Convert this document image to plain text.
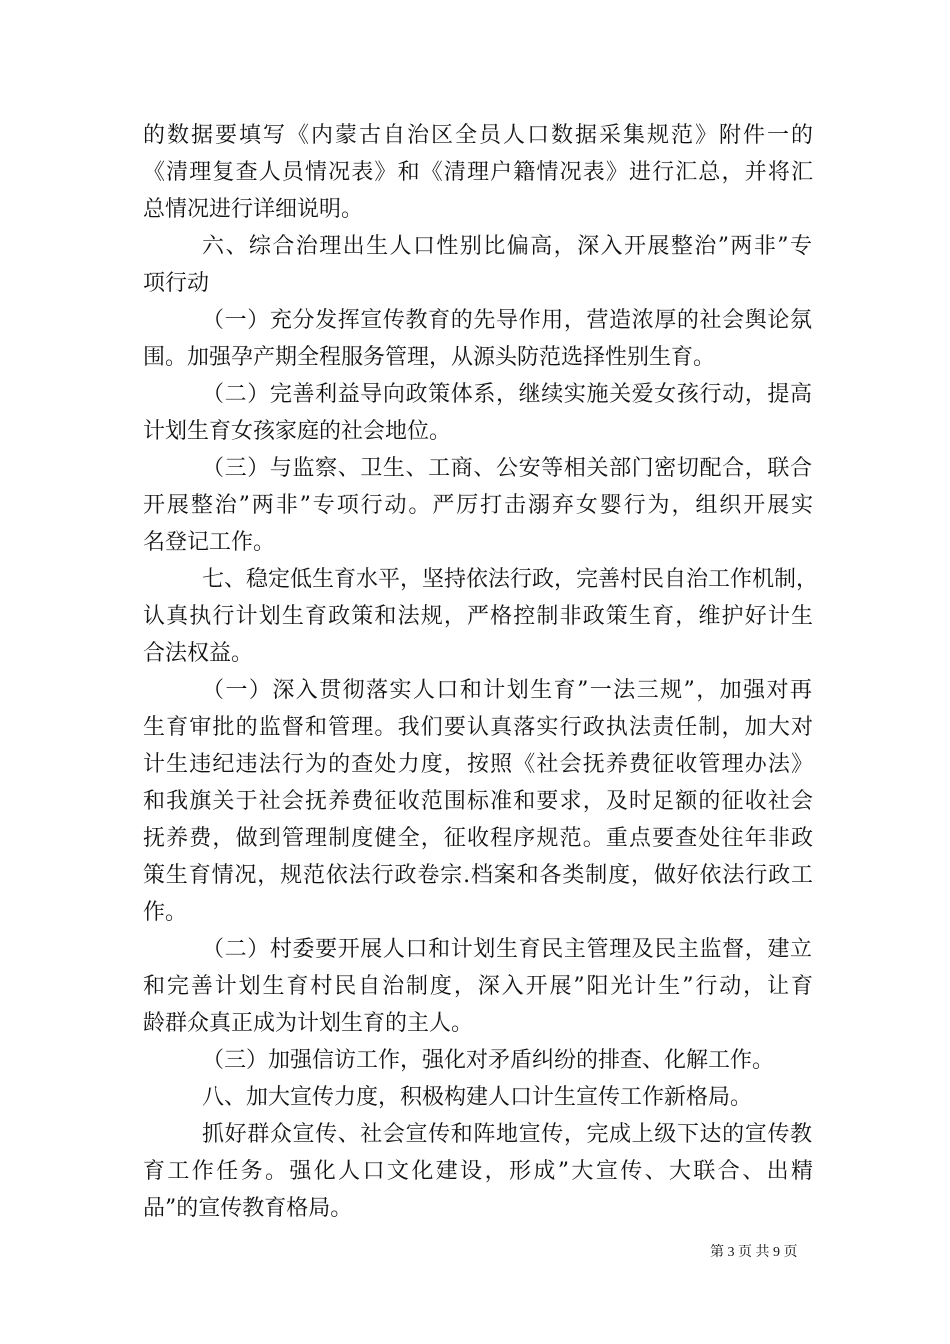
的数据要填写《内蒙古自治区全员人口数据采集规范》附件一的
《清理复查人员情况表》和《清理户籍情况表》进行汇总，并将汇
总情况进行详细说明。
六、综合治理出生人口性别比偏高，深入开展整治”两非”专
项行动
（一）充分发挥宣传教育的先导作用，营造浓厚的社会舆论氛
围。加强孕产期全程服务管理，从源头防范选择性别生育。
（二）完善利益导向政策体系，继续实施关爱女孩行动，提高
计划生育女孩家庭的社会地位。
（三）与监察、卫生、工商、公安等相关部门密切配合，联合
开展整治”两非”专项行动。严厉打击溺弃女婴行为，组织开展实
名登记工作。
七、稳定低生育水平，坚持依法行政，完善村民自治工作机制，
认真执行计划生育政策和法规，严格控制非政策生育，维护好计生
合法权益。
（一）深入贯彻落实人口和计划生育”一法三规”，加强对再
生育审批的监督和管理。我们要认真落实行政执法责任制，加大对
计生违纪违法行为的查处力度，按照《社会抚养费征收管理办法》
和我旗关于社会抚养费征收范围标准和要求，及时足额的征收社会
抚养费，做到管理制度健全，征收程序规范。重点要查处往年非政
策生育情况，规范依法行政卷宗.档案和各类制度，做好依法行政工
作。
（二）村委要开展人口和计划生育民主管理及民主监督，建立
和完善计划生育村民自治制度，深入开展”阳光计生”行动，让育
龄群众真正成为计划生育的主人。
（三）加强信访工作，强化对矛盾纠纷的排查、化解工作。
八、加大宣传力度，积极构建人口计生宣传工作新格局。
抓好群众宣传、社会宣传和阵地宣传，完成上级下达的宣传教
育工作任务。强化人口文化建设，形成”大宣传、大联合、出精
品”的宣传教育格局。
第 3 页 共 9 页
